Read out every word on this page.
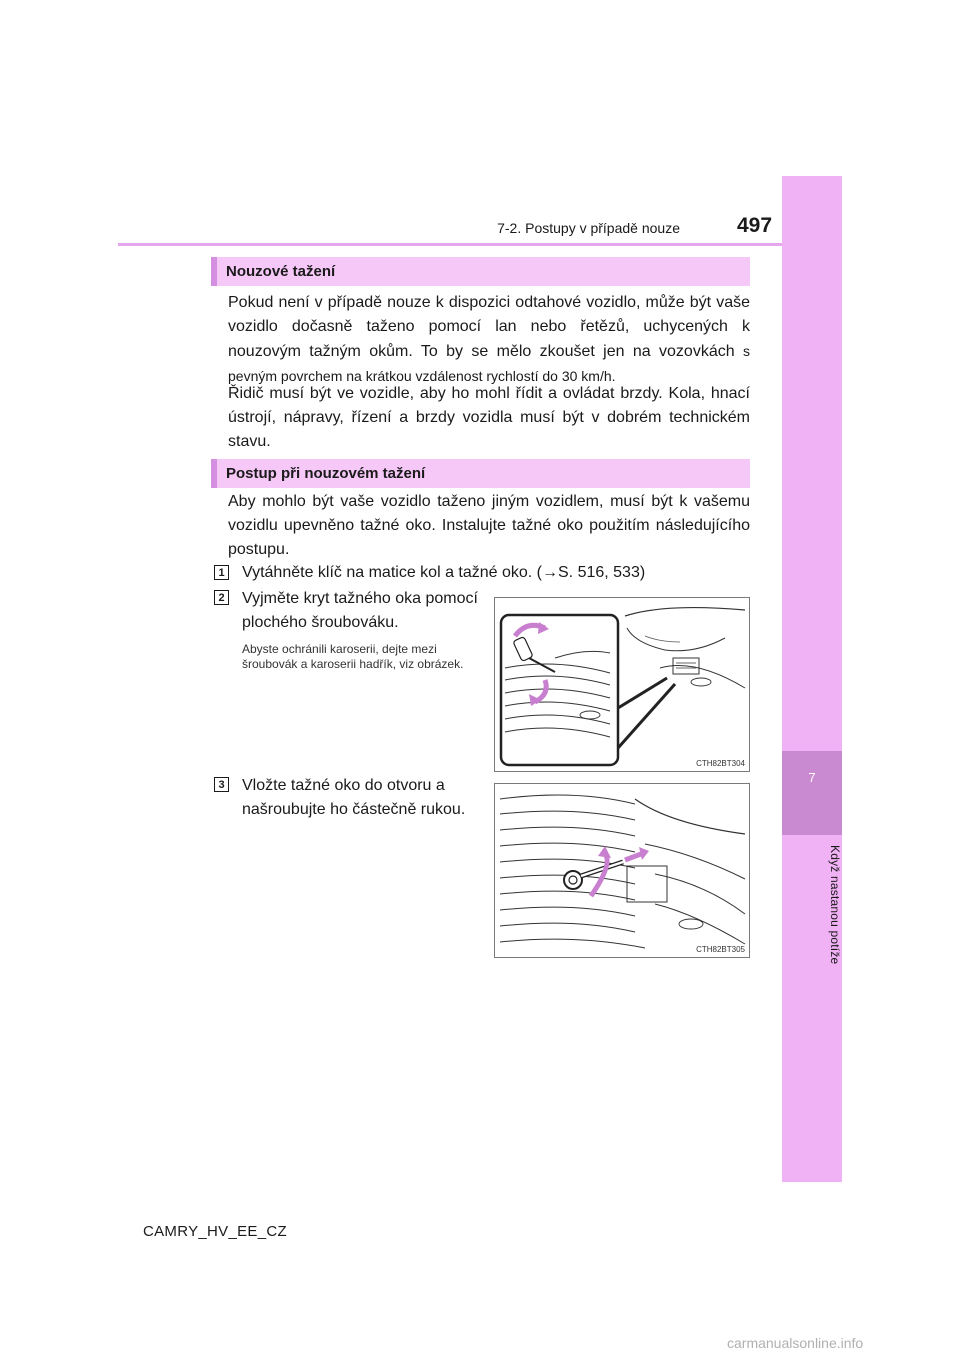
7-2. Postupy v případě nouze	497
7
Když nastanou potíže
Nouzové tažení
Pokud není v případě nouze k dispozici odtahové vozidlo, může být vaše vozidlo dočasně taženo pomocí lan nebo řetězů, uchycených k nouzovým tažným okům. To by se mělo zkoušet jen na vozovkách s pevným povrchem na krátkou vzdálenost rychlostí do 30 km/h.
Řidič musí být ve vozidle, aby ho mohl řídit a ovládat brzdy. Kola, hnací ústrojí, nápravy, řízení a brzdy vozidla musí být v dobrém technickém stavu.
Postup při nouzovém tažení
Aby mohlo být vaše vozidlo taženo jiným vozidlem, musí být k vašemu vozidlu upevněno tažné oko. Instalujte tažné oko použitím následujícího postupu.
1 Vytáhněte klíč na matice kol a tažné oko. (→S. 516, 533)
2 Vyjměte kryt tažného oka pomocí plochého šroubováku.
Abyste ochránili karoserii, dejte mezi šroubovák a karoserii hadřík, viz obrázek.
CTH82BT304
3 Vložte tažné oko do otvoru a našroubujte ho částečně rukou.
CTH82BT305
CAMRY_HV_EE_CZ
carmanualsonline.info
